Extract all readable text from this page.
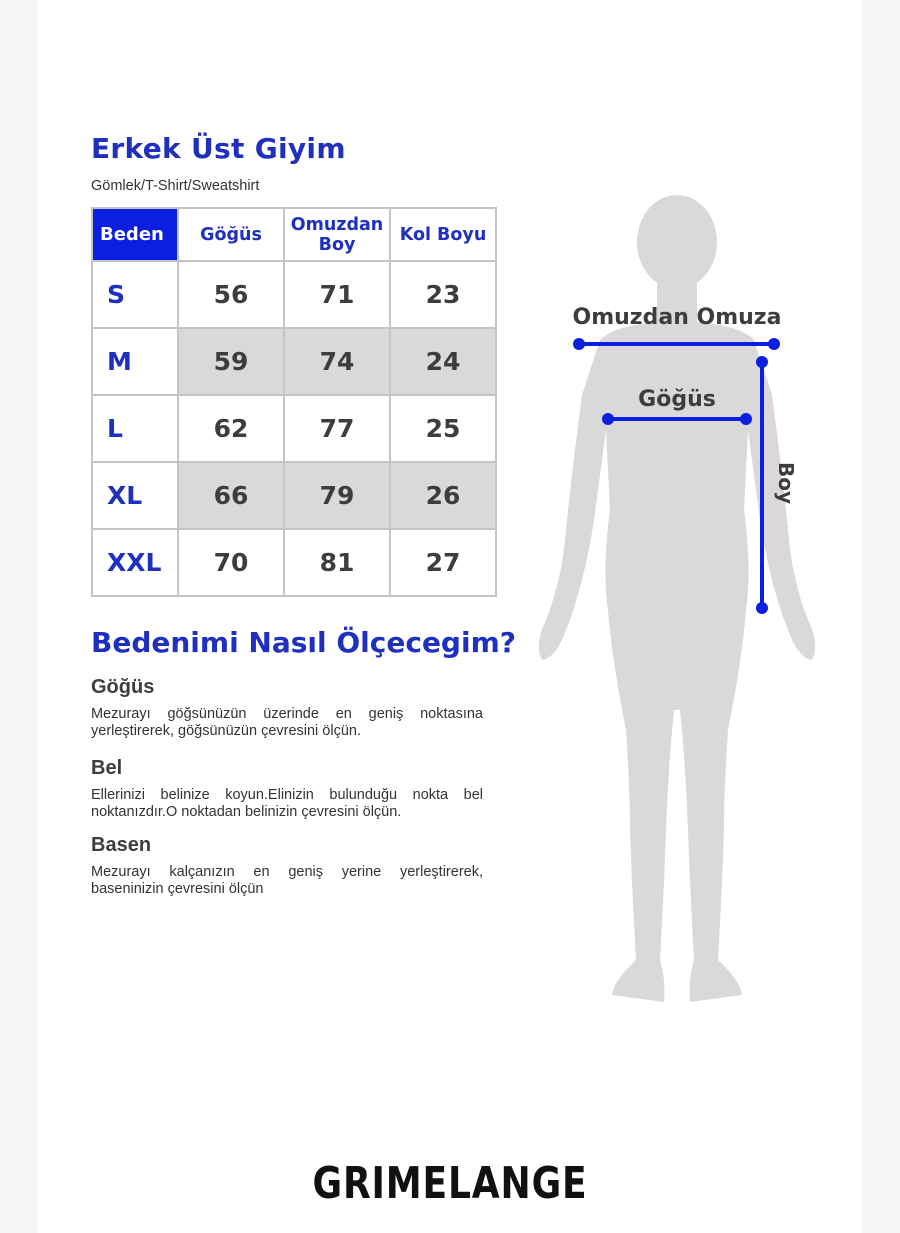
Erkek Üst Giyim

Gömlek/T-Shirt/Sweatshirt

Beden	Göğüs	Omuzdan Boy	Kol Boyu
S	56	71	23
M	59	74	24
L	62	77	25
XL	66	79	26
XXL	70	81	27
Bedenimi Nasıl Ölçecegim?
Göğüs

Mezurayı göğsünüzün üzerinde en geniş noktasına yerleştirerek, göğsünüzün çevresini ölçün.

Bel

Ellerinizi belinize koyun.Elinizin bulunduğu nokta bel noktanızdır.O noktadan belinizin çevresini ölçün.

Basen

Mezurayı kalçanızın en geniş yerine yerleştirerek, baseninizin çevresini ölçün

Omuzdan Omuza
Göğüs
Boy

GRIMELANGE
